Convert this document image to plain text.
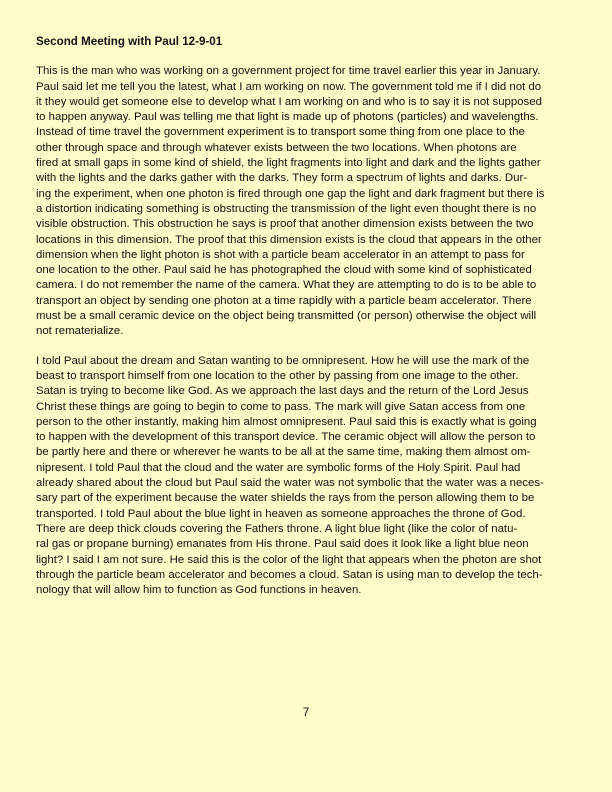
Second Meeting with Paul 12-9-01
This is the man who was working on a government project for time travel earlier this year in January.
Paul said let me tell you the latest, what I am working on now. The government told me if I did not do
it they would get someone else to develop what I am working on and who is to say it is not supposed
to happen anyway. Paul was telling me that light is made up of photons (particles) and wavelengths.
Instead of time travel the government experiment is to transport some thing from one place to the
other through space and through whatever exists between the two locations. When photons are
fired at small gaps in some kind of shield, the light fragments into light and dark and the lights gather
with the lights and the darks gather with the darks. They form a spectrum of lights and darks. Dur-
ing the experiment, when one photon is fired through one gap the light and dark fragment but there is
a distortion indicating something is obstructing the transmission of the light even thought there is no
visible obstruction. This obstruction he says is proof that another dimension exists between the two
locations in this dimension. The proof that this dimension exists is the cloud that appears in the other
dimension when the light photon is shot with a particle beam accelerator in an attempt to pass for
one location to the other. Paul said he has photographed the cloud with some kind of sophisticated
camera. I do not remember the name of the camera. What they are attempting to do is to be able to
transport an object by sending one photon at a time rapidly with a particle beam accelerator. There
must be a small ceramic device on the object being transmitted (or person) otherwise the object will
not rematerialize.
I told Paul about the dream and Satan wanting to be omnipresent. How he will use the mark of the
beast to transport himself from one location to the other by passing from one image to the other.
Satan is trying to become like God. As we approach the last days and the return of the Lord Jesus
Christ these things are going to begin to come to pass. The mark will give Satan access from one
person to the other instantly, making him almost omnipresent. Paul said this is exactly what is going
to happen with the development of this transport device. The ceramic object will allow the person to
be partly here and there or wherever he wants to be all at the same time, making them almost om-
nipresent. I told Paul that the cloud and the water are symbolic forms of the Holy Spirit. Paul had
already shared about the cloud but Paul said the water was not symbolic that the water was a neces-
sary part of the experiment because the water shields the rays from the person allowing them to be
transported. I told Paul about the blue light in heaven as someone approaches the throne of God.
There are deep thick clouds covering the Fathers throne. A light blue light (like the color of natu-
ral gas or propane burning) emanates from His throne. Paul said does it look like a light blue neon
light? I said I am not sure. He said this is the color of the light that appears when the photon are shot
through the particle beam accelerator and becomes a cloud. Satan is using man to develop the tech-
nology that will allow him to function as God functions in heaven.
7
